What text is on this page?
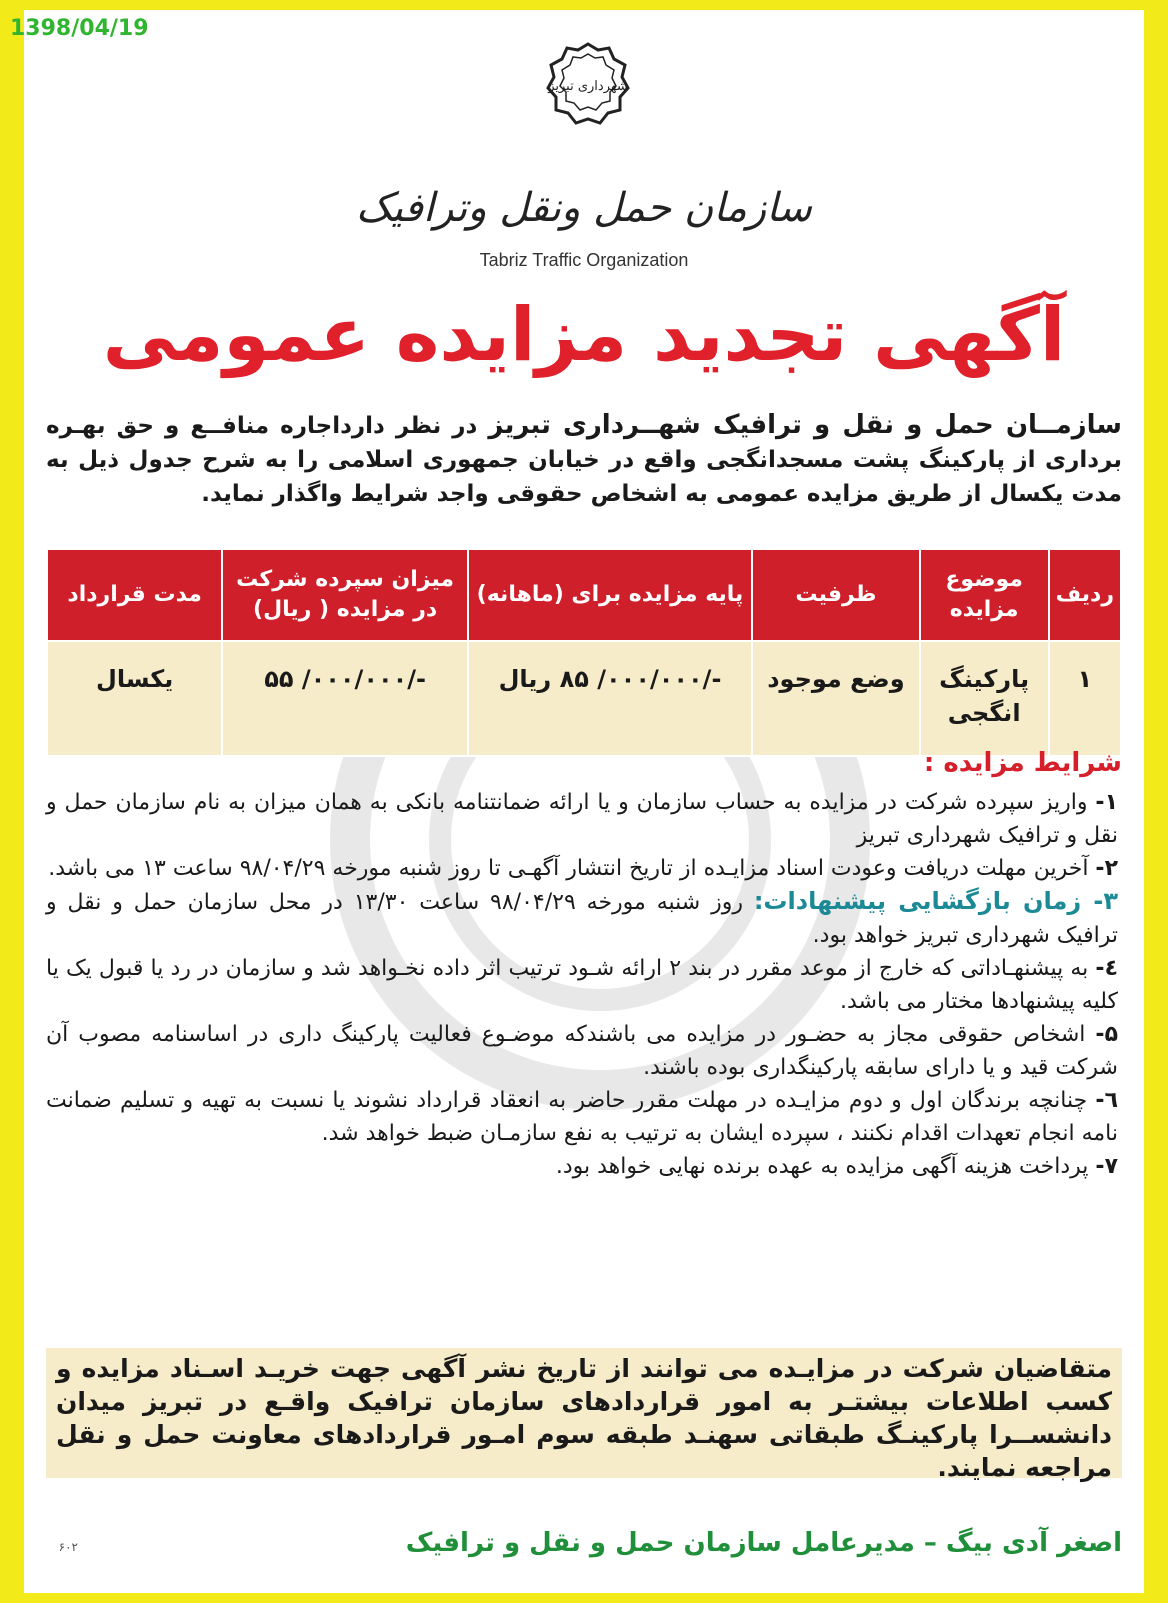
1398/04/19
شهرداری تبریز
سازمان حمل ونقل وترافیک
Tabriz Traffic Organization
آگهی تجدید مزایده عمومی
سازمــان حمل و نقل و ترافیک شهــرداری تبریز در نظر دارداجاره منافــع و حق بهـره برداری از پارکینگ پشت مسجدانگجی واقع در خیابان جمهوری اسلامی را به شرح جدول ذیل به مدت یکسال از طریق مزایده عمومی به اشخاص حقوقی واجد شرایط واگذار نماید.
ردیف	موضوع مزایده	ظرفیت	پایه مزایده برای (ماهانه)	میزان سپرده شرکت در مزایده ( ریال)	مدت قرارداد
۱	پارکینگ انگجی	وضع موجود	-/۰۰۰/۰۰۰/ ۸۵ ریال	-/۰۰۰/۰۰۰/ ۵۵	یکسال
شرایط مزایده :

۱- واریز سپرده شرکت در مزایده به حساب سازمان و یا ارائه ضمانتنامه بانکی به همان میزان به نام سازمان حمل و نقل و ترافیک شهرداری تبریز

۲- آخرین مهلت دریافت وعودت اسناد مزایـده از تاریخ انتشار آگهـی تا روز شنبه مورخه ۹۸/۰۴/۲۹ ساعت ۱۳ می باشد.

۳- زمان بازگشایی پیشنهادات: روز شنبه مورخه ۹۸/۰۴/۲۹ ساعت ۱۳/۳۰ در محل سازمان حمل و نقل و ترافیک شهرداری تبریز خواهد بود.

٤- به پیشنهـاداتی که خارج از موعد مقرر در بند ۲ ارائه شـود ترتیب اثر داده نخـواهد شد و سازمان در رد یا قبول یک یا کلیه پیشنهادها مختار می باشد.

۵- اشخاص حقوقی مجاز به حضـور در مزایده می باشندکه موضـوع فعالیت پارکینگ داری در اساسنامه مصوب آن شرکت قید و یا دارای سابقه پارکینگداری بوده باشند.

٦- چنانچه برندگان اول و دوم مزایـده در مهلت مقرر حاضر به انعقاد قرارداد نشوند یا نسبت به تهیه و تسلیم ضمانت نامه انجام تعهدات اقدام نکنند ، سپرده ایشان به ترتیب به نفع سازمـان ضبط خواهد شد.

۷- پرداخت هزینه آگهی مزایده به عهده برنده نهایی خواهد بود.

متقاضیان شرکت در مزایـده می توانند از تاریخ نشر آگهی جهت خریـد اسـناد مزایده و کسب اطلاعات بیشتـر به امور قراردادهای سازمان ترافیک واقـع در تبریز میدان دانشســرا پارکینـگ طبقاتی سهنـد طبقه سوم امـور قراردادهای معاونت حمل و نقل مراجعه نمایند.
اصغر آدی بیگ – مدیرعامل سازمان حمل و نقل و ترافیک
۶۰۲
